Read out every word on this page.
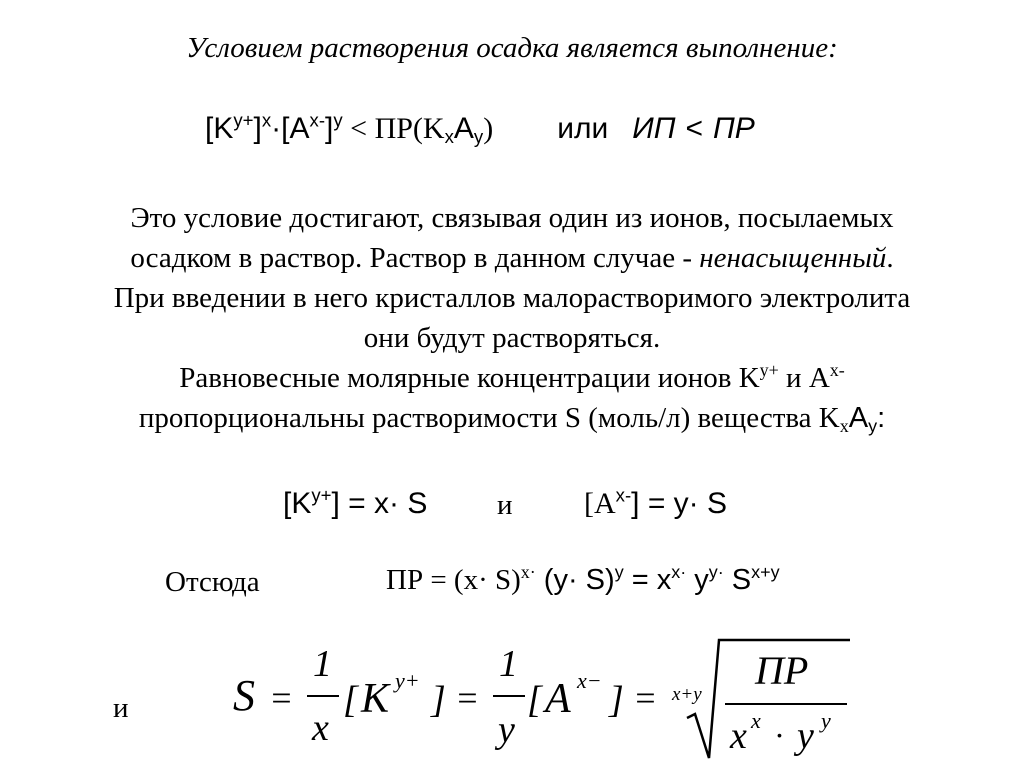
Условием растворения осадка является выполнение:
$[K^{y+}]^x\cdot[A^{x-}]^y < ПР(K_xA_y)$ или ИП < ПР
Это условие достигают, связывая один из ионов, посылаемых
осадком в раствор. Раствор в данном случае - ненасыщенный.
При введении в него кристаллов малорастворимого электролита
они будут растворяться.
Равновесные молярные концентрации ионов $K^{y+}$ и $A^{x-}$
пропорциональны растворимости S (моль/л) вещества $K_xA_y$:
$[K^{y+}] = x\cdot S$ и $[A^{x-}] = y\cdot S$
Отсюда	ПР = $(x\cdot S)^{x\cdot}$ $(y\cdot S)^y = x^{x\cdot}$ $y^{y\cdot}$ $S^{x+y}$
и S =
1
x
[ K y+ ] =
1
y
[ A x− ] = x+y
ПР
x x · y y
